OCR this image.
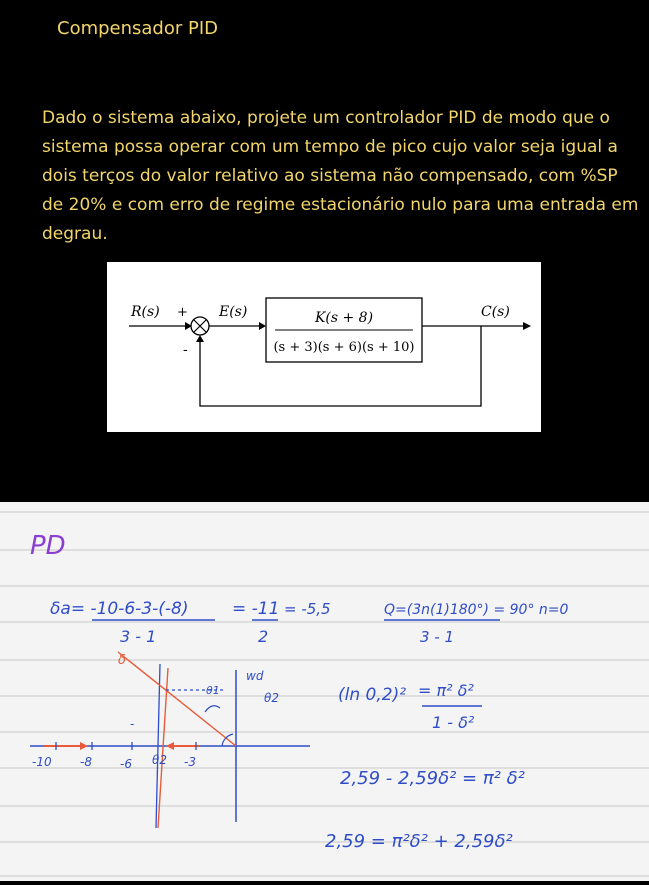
Compensador PID
Dado o sistema abaixo, projete um controlador PID de modo que o sistema possa operar com um tempo de pico cujo valor seja igual a dois terços do valor relativo ao sistema não compensado, com %SP de 20% e com erro de regime estacionário nulo para uma entrada em degrau.
R(s) +
-
E(s)	K(s + 8)
(s + 3)(s + 6)(s + 10)
C(s)
PD
δa= -10-6-3-(-8)
3 - 1
= -11
2
= -5,5	Q=(3n(1)180°) = 90° n=0
3 - 1
(ln 0,2)² = π² δ²
1 - δ²
2,59 - 2,59δ² = π² δ²
2,59 = π²δ² + 2,59δ²
δ
wd
θ2
θ1
-
-10 -8 -6 θ2 -3
